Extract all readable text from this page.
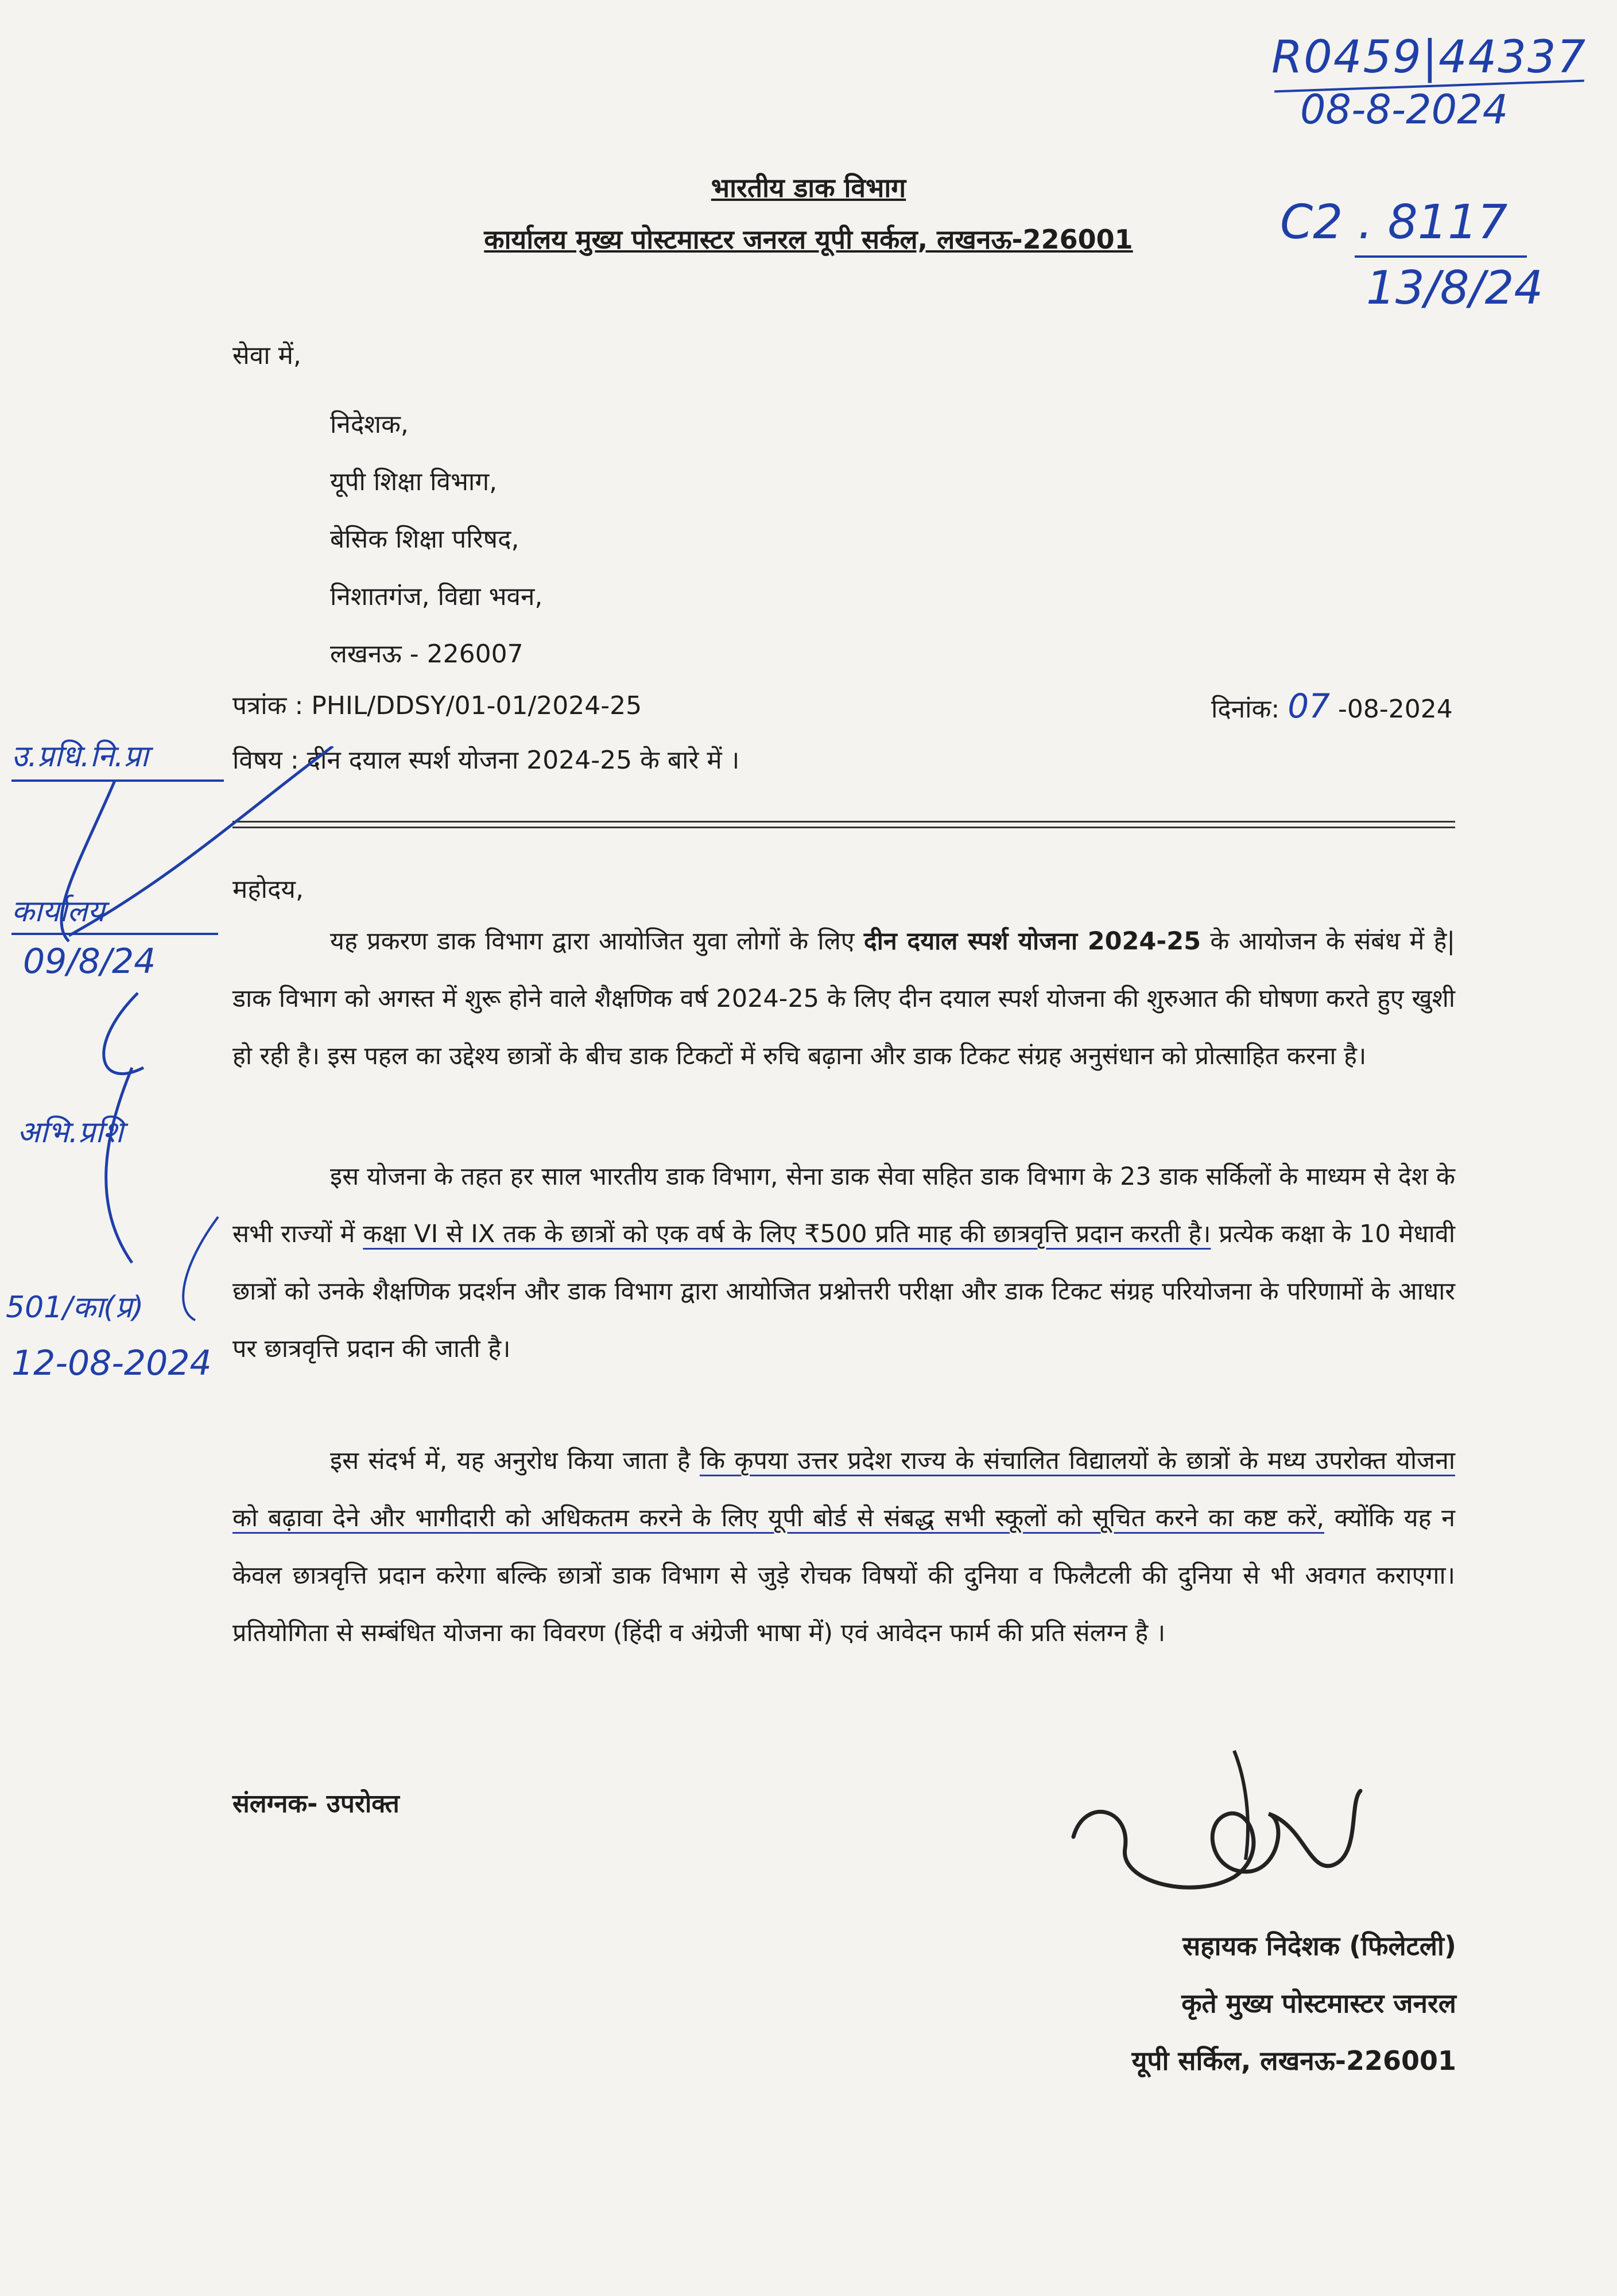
R0459|44337
08-8-2024
C2 . 8117
13/8/24
भारतीय डाक विभाग
कार्यालय मुख्य पोस्टमास्टर जनरल यूपी सर्कल, लखनऊ-226001
सेवा में,
निदेशक,
यूपी शिक्षा विभाग,
बेसिक शिक्षा परिषद,
निशातगंज, विद्या भवन,
लखनऊ - 226007
पत्रांक : PHIL/DDSY/01-01/2024-25	दिनांक: 07 -08-2024
विषय : दीन दयाल स्पर्श योजना 2024-25 के बारे में ।
महोदय,

यह प्रकरण डाक विभाग द्वारा आयोजित युवा लोगों के लिए दीन दयाल स्पर्श योजना 2024-25 के आयोजन के संबंध में है| डाक विभाग को अगस्त में शुरू होने वाले शैक्षणिक वर्ष 2024-25 के लिए दीन दयाल स्पर्श योजना की शुरुआत की घोषणा करते हुए खुशी हो रही है। इस पहल का उद्देश्य छात्रों के बीच डाक टिकटों में रुचि बढ़ाना और डाक टिकट संग्रह अनुसंधान को प्रोत्साहित करना है।

इस योजना के तहत हर साल भारतीय डाक विभाग, सेना डाक सेवा सहित डाक विभाग के 23 डाक सर्किलों के माध्यम से देश के सभी राज्यों में कक्षा VI से IX तक के छात्रों को एक वर्ष के लिए ₹500 प्रति माह की छात्रवृत्ति प्रदान करती है। प्रत्येक कक्षा के 10 मेधावी छात्रों को उनके शैक्षणिक प्रदर्शन और डाक विभाग द्वारा आयोजित प्रश्नोत्तरी परीक्षा और डाक टिकट संग्रह परियोजना के परिणामों के आधार पर छात्रवृत्ति प्रदान की जाती है।

इस संदर्भ में, यह अनुरोध किया जाता है कि कृपया उत्तर प्रदेश राज्य के संचालित विद्यालयों के छात्रों के मध्य उपरोक्त योजना को बढ़ावा देने और भागीदारी को अधिकतम करने के लिए यूपी बोर्ड से संबद्ध सभी स्कूलों को सूचित करने का कष्ट करें, क्योंकि यह न केवल छात्रवृत्ति प्रदान करेगा बल्कि छात्रों डाक विभाग से जुड़े रोचक विषयों की दुनिया व फिलैटली की दुनिया से भी अवगत कराएगा। प्रतियोगिता से सम्बंधित योजना का विवरण (हिंदी व अंग्रेजी भाषा में) एवं आवेदन फार्म की प्रति संलग्न है ।

संलग्नक- उपरोक्त
सहायक निदेशक (फिलेटली)
कृते मुख्य पोस्टमास्टर जनरल
यूपी सर्किल, लखनऊ-226001
उ.प्रधि.नि.प्रा
कार्यालय
09/8/24
अभि.प्रशि
501/का(प्र)
12-08-2024
